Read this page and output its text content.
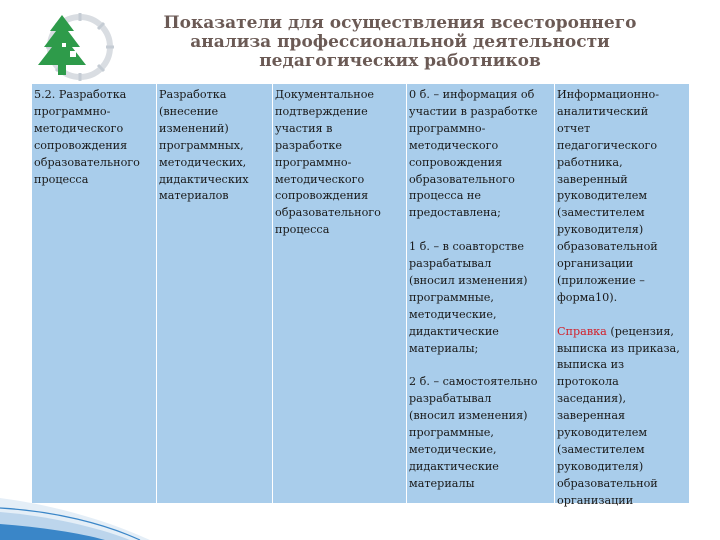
Показатели для осуществления всестороннего
анализа профессиональной деятельности
педагогических работников
5.2. Разработка
программно-
методического
сопровождения
образовательного
процесса
Разработка
(внесение
изменений)
программных,
методических,
дидактических
материалов
Документальное
подтверждение
участия в
разработке
программно-
методического
сопровождения
образовательного
процесса
0 б. – информация об
участии в разработке
программно-
методического
сопровождения
образовательного
процесса не
предоставлена;
1 б. – в соавторстве
разрабатывал
(вносил изменения)
программные,
методические,
дидактические
материалы;
2 б. – самостоятельно
разрабатывал
(вносил изменения)
программные,
методические,
дидактические
материалы
Информационно-
аналитический
отчет
педагогического
работника,
заверенный
руководителем
(заместителем
руководителя)
образовательной
организации
(приложение –
форма10).
Справка (рецензия,
выписка из приказа,
выписка из
протокола
заседания),
заверенная
руководителем
(заместителем
руководителя)
образовательной
организации
